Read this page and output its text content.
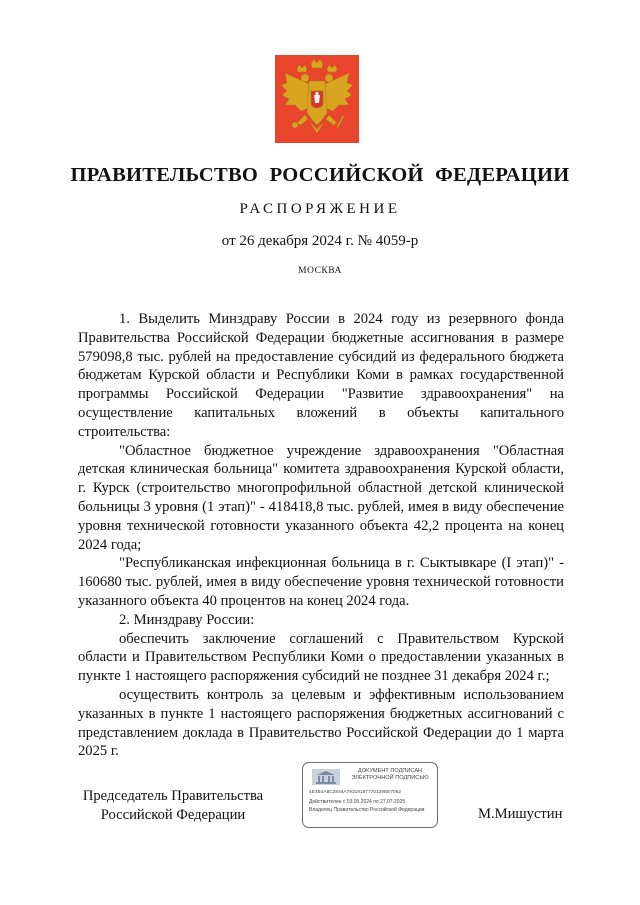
ПРАВИТЕЛЬСТВО РОССИЙСКОЙ ФЕДЕРАЦИИ
РАСПОРЯЖЕНИЕ
от 26 декабря 2024 г. № 4059-р
МОСКВА

1. Выделить Минздраву России в 2024 году из резервного фонда Правительства Российской Федерации бюджетные ассигнования в размере 579098,8 тыс. рублей на предоставление субсидий из федерального бюджета бюджетам Курской области и Республики Коми в рамках государственной программы Российской Федерации "Развитие здравоохранения" на осуществление капитальных вложений в объекты капитального строительства:

"Областное бюджетное учреждение здравоохранения "Областная детская клиническая больница" комитета здравоохранения Курской области, г. Курск (строительство многопрофильной областной детской клинической больницы 3 уровня (1 этап)" - 418418,8 тыс. рублей, имея в виду обеспечение уровня технической готовности указанного объекта 42,2 процента на конец 2024 года;

"Республиканская инфекционная больница в г. Сыктывкаре (I этап)" - 160680 тыс. рублей, имея в виду обеспечение уровня технической готовности указанного объекта 40 процентов на конец 2024 года.

2. Минздраву России:

обеспечить заключение соглашений с Правительством Курской области и Правительством Республики Коми о предоставлении указанных в пункте 1 настоящего распоряжения субсидий не позднее 31 декабря 2024 г.;

осуществить контроль за целевым и эффективным использованием указанных в пункте 1 настоящего распоряжения бюджетных ассигнований с представлением доклада в Правительство Российской Федерации до 1 марта 2025 г.

Председатель Правительства
Российской Федерации
ДОКУМЕНТ ПОДПИСАН
ЭЛЕКТРОННОЙ ПОДПИСЬЮ
4E4B4A8C2844A79319187770129EE7062
Действителен с 03.05.2024 по 27.07.2025
Владелец Правительство Российской Федерации	М.Мишустин
